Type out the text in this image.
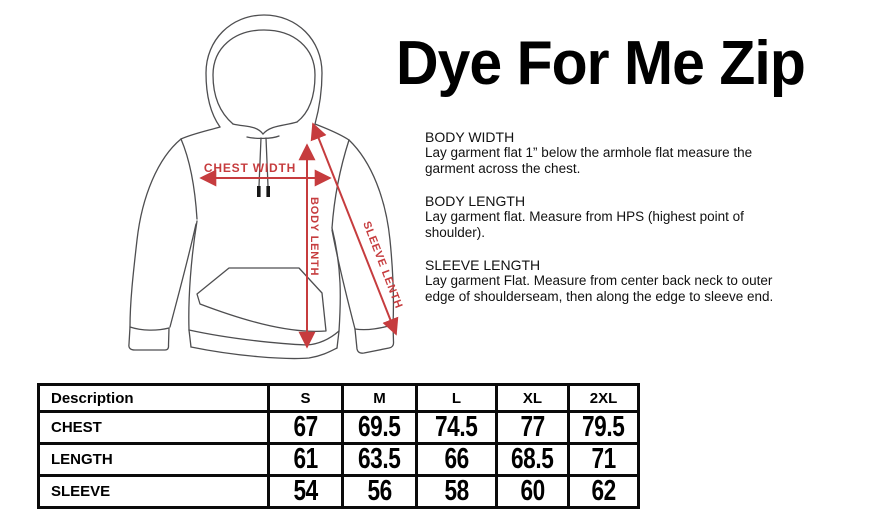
CHEST WIDTH
BODY LENTH	SLEEVE LENTH
Dye For Me Zip
BODY WIDTH

Lay garment flat 1” below the armhole flat measure the garment across the chest.

BODY LENGTH

Lay garment flat. Measure from HPS (highest point of shoulder).

SLEEVE LENGTH

Lay garment Flat. Measure from center back neck to outer edge of shoulderseam, then along the edge to sleeve end.

Description	S	M	L	XL	2XL
CHEST	67	69.5	74.5	77	79.5
LENGTH	61	63.5	66	68.5	71
SLEEVE	54	56	58	60	62
